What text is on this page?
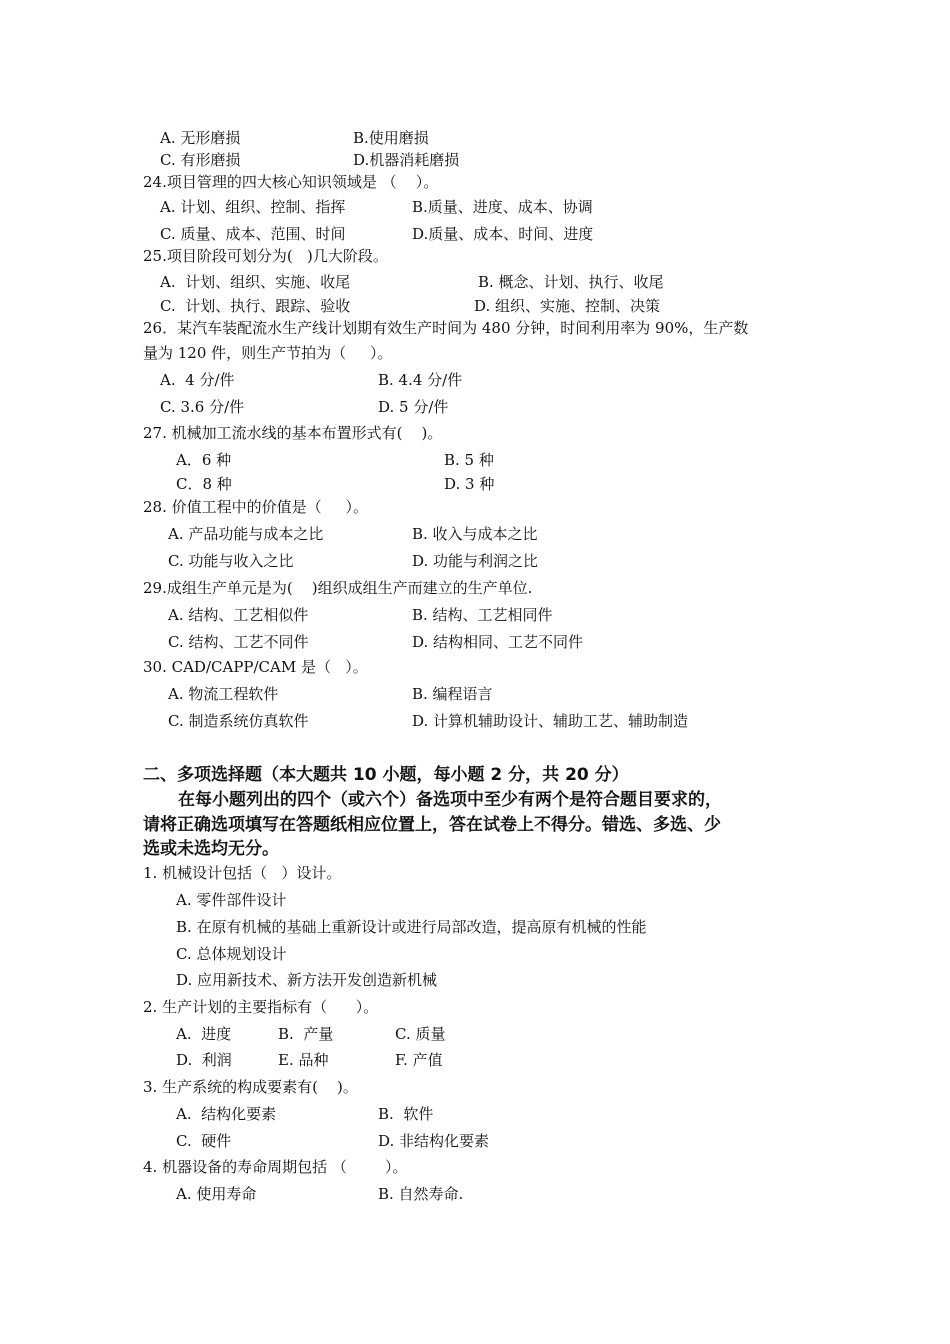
A. 无形磨损	B.使用磨损
C. 有形磨损	D.机器消耗磨损
24.项目管理的四大核心知识领域是 （    ）。
A. 计划、组织、控制、指挥	B.质量、进度、成本、协调
C. 质量、成本、范围、时间	D.质量、成本、时间、进度
25.项目阶段可划分为(   )几大阶段。
A.  计划、组织、实施、收尾	B. 概念、计划、执行、收尾
C.  计划、执行、跟踪、验收	D. 组织、实施、控制、决策
26．某汽车装配流水生产线计划期有效生产时间为 480 分钟，时间利用率为 90%，生产数
量为 120 件，则生产节拍为（     ）。
A.  4 分/件	B. 4.4 分/件
C. 3.6 分/件	D. 5 分/件
27. 机械加工流水线的基本布置形式有(    )。
A．6 种	B. 5 种
C．8 种	D. 3 种
28. 价值工程中的价值是（     ）。
A. 产品功能与成本之比	B. 收入与成本之比
C. 功能与收入之比	D. 功能与利润之比
29.成组生产单元是为(    )组织成组生产而建立的生产单位.
A. 结构、工艺相似件	B. 结构、工艺相同件
C. 结构、工艺不同件	D. 结构相同、工艺不同件
30. CAD/CAPP/CAM 是（   ）。
A. 物流工程软件	B. 编程语言
C. 制造系统仿真软件	D. 计算机辅助设计、辅助工艺、辅助制造
二、多项选择题（本大题共 10 小题，每小题 2 分，共 20 分）
在每小题列出的四个（或六个）备选项中至少有两个是符合题目要求的，
请将正确选项填写在答题纸相应位置上，答在试卷上不得分。错选、多选、少
选或未选均无分。
1. 机械设计包括（   ）设计。
A. 零件部件设计
B. 在原有机械的基础上重新设计或进行局部改造，提高原有机械的性能
C. 总体规划设计
D. 应用新技术、新方法开发创造新机械
2. 生产计划的主要指标有（      ）。
A.  进度	B.  产量	C. 质量
D.  利润	E. 品种	F. 产值
3. 生产系统的构成要素有(    )。
A.  结构化要素	B.  软件
C.  硬件	D. 非结构化要素
4. 机器设备的寿命周期包括 （        ）。
A. 使用寿命	B. 自然寿命.
